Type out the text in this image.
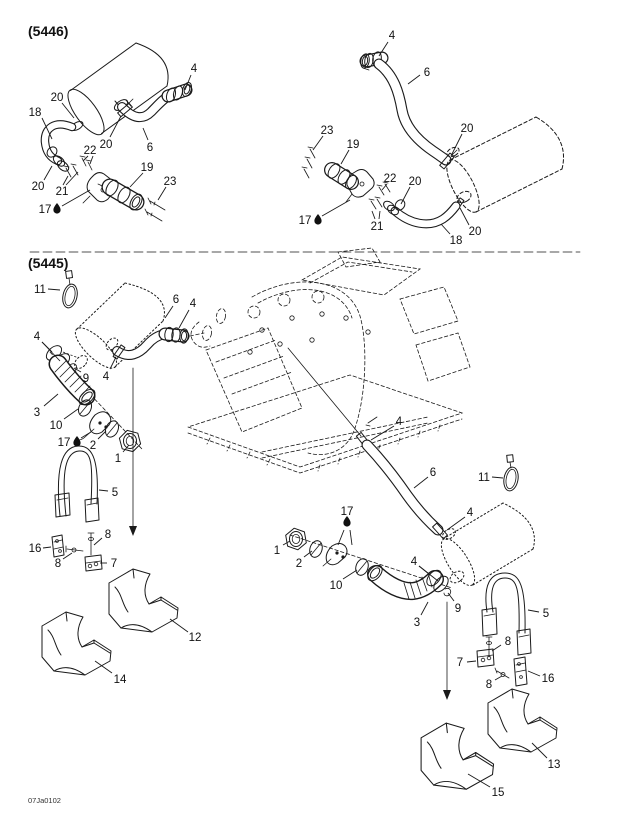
(5446)
(5445)
07Ja0102
18
20
20 21
22
17
19
23
4
6
20
4
6
20
23
19
22 20
21
17
18
20
11
6 4
4
9 4
3
10
17 2
1
4
6	11
4
17
1
2
10
4
9
3
5
8
16
8	7
12
14
5
8
7
8	16
13
15
